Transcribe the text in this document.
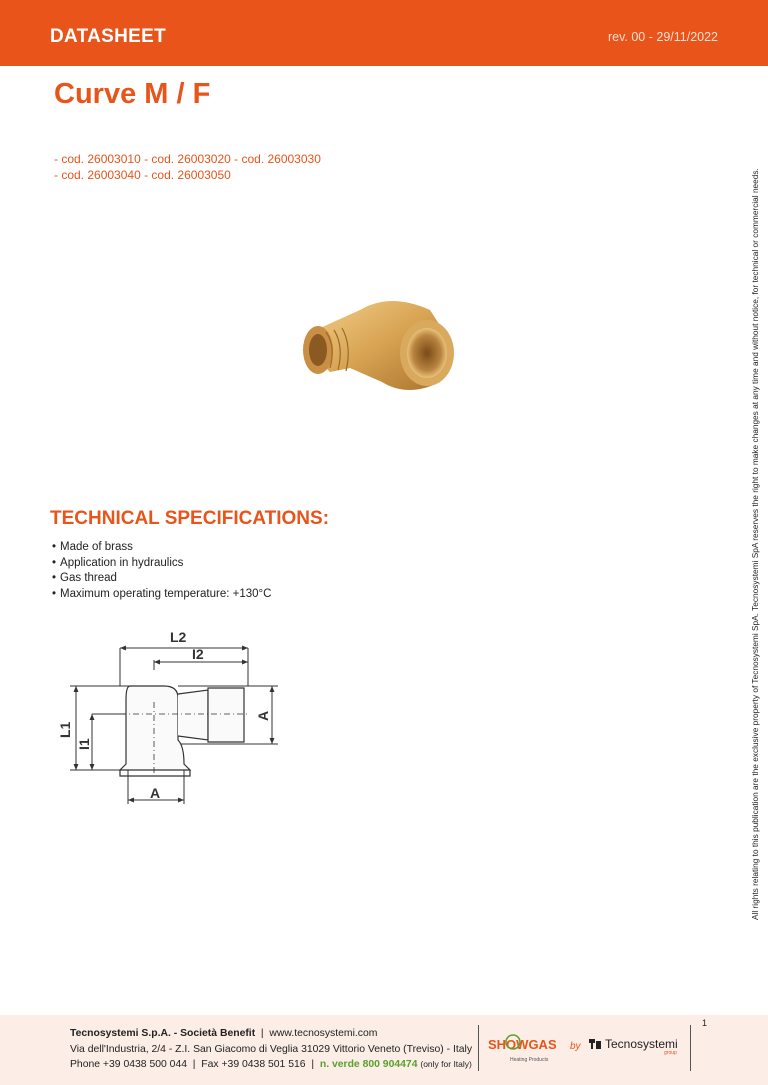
DATASHEET	rev. 00 - 29/11/2022
Curve M / F
- cod. 26003010 - cod. 26003020 - cod. 26003030
- cod. 26003040 - cod. 26003050
TECHNICAL SPECIFICATIONS:
• Made of brass
• Application in hydraulics
• Gas thread
• Maximum operating temperature: +130°C
L2
I2
A
L1
I1
A	All rights relating to this publication are the exclusive property of Tecnosystemi SpA. Tecnosystemi SpA reserves the right to make changes at any time and without notice, for technical or commercial needs.
1
Tecnosystemi S.p.A. - Società Benefit  |  www.tecnosystemi.com
Via dell'Industria, 2/4 - Z.I. San Giacomo di Veglia 31029 Vittorio Veneto (Treviso) - Italy
Phone +39 0438 500 044  |  Fax +39 0438 501 516  |  n. verde 800 904474 (only for Italy)
SHOWGAS
Heating Products
by Tecnosystemi
group
